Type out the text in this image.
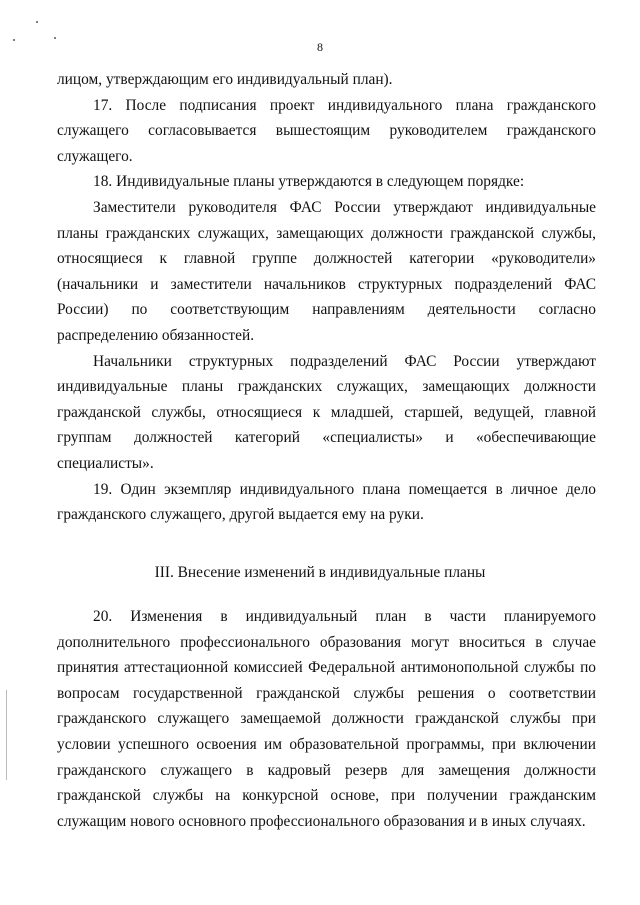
8

лицом, утверждающим его индивидуальный план).

17. После подписания проект индивидуального плана гражданского служащего согласовывается вышестоящим руководителем гражданского служащего.

18. Индивидуальные планы утверждаются в следующем порядке:

Заместители руководителя ФАС России утверждают индивидуальные планы гражданских служащих, замещающих должности гражданской службы, относящиеся к главной группе должностей категории «руководители» (начальники и заместители начальников структурных подразделений ФАС России) по соответствующим направлениям деятельности согласно распределению обязанностей.

Начальники структурных подразделений ФАС России утверждают индивидуальные планы гражданских служащих, замещающих должности гражданской службы, относящиеся к младшей, старшей, ведущей, главной группам должностей категорий «специалисты» и «обеспечивающие специалисты».

19. Один экземпляр индивидуального плана помещается в личное дело гражданского служащего, другой выдается ему на руки.

III. Внесение изменений в индивидуальные планы

20. Изменения в индивидуальный план в части планируемого дополнительного профессионального образования могут вноситься в случае принятия аттестационной комиссией Федеральной антимонопольной службы по вопросам государственной гражданской службы решения о соответствии гражданского служащего замещаемой должности гражданской службы при условии успешного освоения им образовательной программы, при включении гражданского служащего в кадровый резерв для замещения должности гражданской службы на конкурсной основе, при получении гражданским служащим нового основного профессионального образования и в иных случаях.
